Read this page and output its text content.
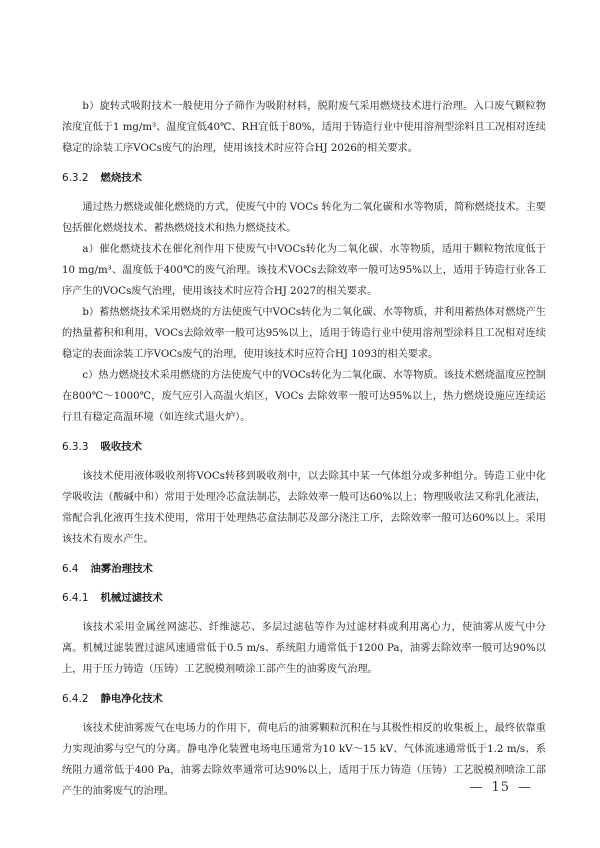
b）旋转式吸附技术一般使用分子筛作为吸附材料，脱附废气采用燃烧技术进行治理。入口废气颗粒物浓度宜低于1 mg/m³、温度宜低40℃、RH宜低于80%，适用于铸造行业中使用溶剂型涂料且工况相对连续稳定的涂装工序VOCs废气的治理，使用该技术时应符合HJ 2026的相关要求。

6.3.2 燃烧技术

通过热力燃烧或催化燃烧的方式，使废气中的 VOCs 转化为二氧化碳和水等物质，简称燃烧技术。主要包括催化燃烧技术、蓄热燃烧技术和热力燃烧技术。

a）催化燃烧技术在催化剂作用下使废气中VOCs转化为二氧化碳、水等物质，适用于颗粒物浓度低于10 mg/m³、温度低于400℃的废气治理。该技术VOCs去除效率一般可达95%以上，适用于铸造行业各工序产生的VOCs废气治理，使用该技术时应符合HJ 2027的相关要求。

b）蓄热燃烧技术采用燃烧的方法使废气中VOCs转化为二氧化碳、水等物质，并利用蓄热体对燃烧产生的热量蓄积和利用，VOCs去除效率一般可达95%以上，适用于铸造行业中使用溶剂型涂料且工况相对连续稳定的表面涂装工序VOCs废气的治理，使用该技术时应符合HJ 1093的相关要求。

c）热力燃烧技术采用燃烧的方法使废气中的VOCs转化为二氧化碳、水等物质。该技术燃烧温度应控制在800℃～1000℃，废气应引入高温火焰区，VOCs 去除效率一般可达95%以上，热力燃烧设施应连续运行且有稳定高温环境（如连续式退火炉）。

6.3.3 吸收技术

该技术使用液体吸收剂将VOCs转移到吸收剂中，以去除其中某一气体组分或多种组分。铸造工业中化学吸收法（酸碱中和）常用于处理冷芯盒法制芯，去除效率一般可达60%以上；物理吸收法又称乳化液法，常配合乳化液再生技术使用，常用于处理热芯盒法制芯及部分浇注工序，去除效率一般可达60%以上。采用该技术有废水产生。

6.4 油雾治理技术
6.4.1 机械过滤技术

该技术采用金属丝网滤芯、纤维滤芯、多层过滤毡等作为过滤材料或利用离心力，使油雾从废气中分离。机械过滤装置过滤风速通常低于0.5 m/s、系统阻力通常低于1200 Pa，油雾去除效率一般可达90%以上，用于压力铸造（压铸）工艺脱模剂喷涂工部产生的油雾废气治理。

6.4.2 静电净化技术

该技术使油雾废气在电场力的作用下，荷电后的油雾颗粒沉积在与其极性相反的收集板上，最终依靠重力实现油雾与空气的分离。静电净化装置电场电压通常为10 kV～15 kV、气体流速通常低于1.2 m/s、系统阻力通常低于400 Pa，油雾去除效率通常可达90%以上，适用于压力铸造（压铸）工艺脱模剂喷涂工部产生的油雾废气的治理。	— 15 —
